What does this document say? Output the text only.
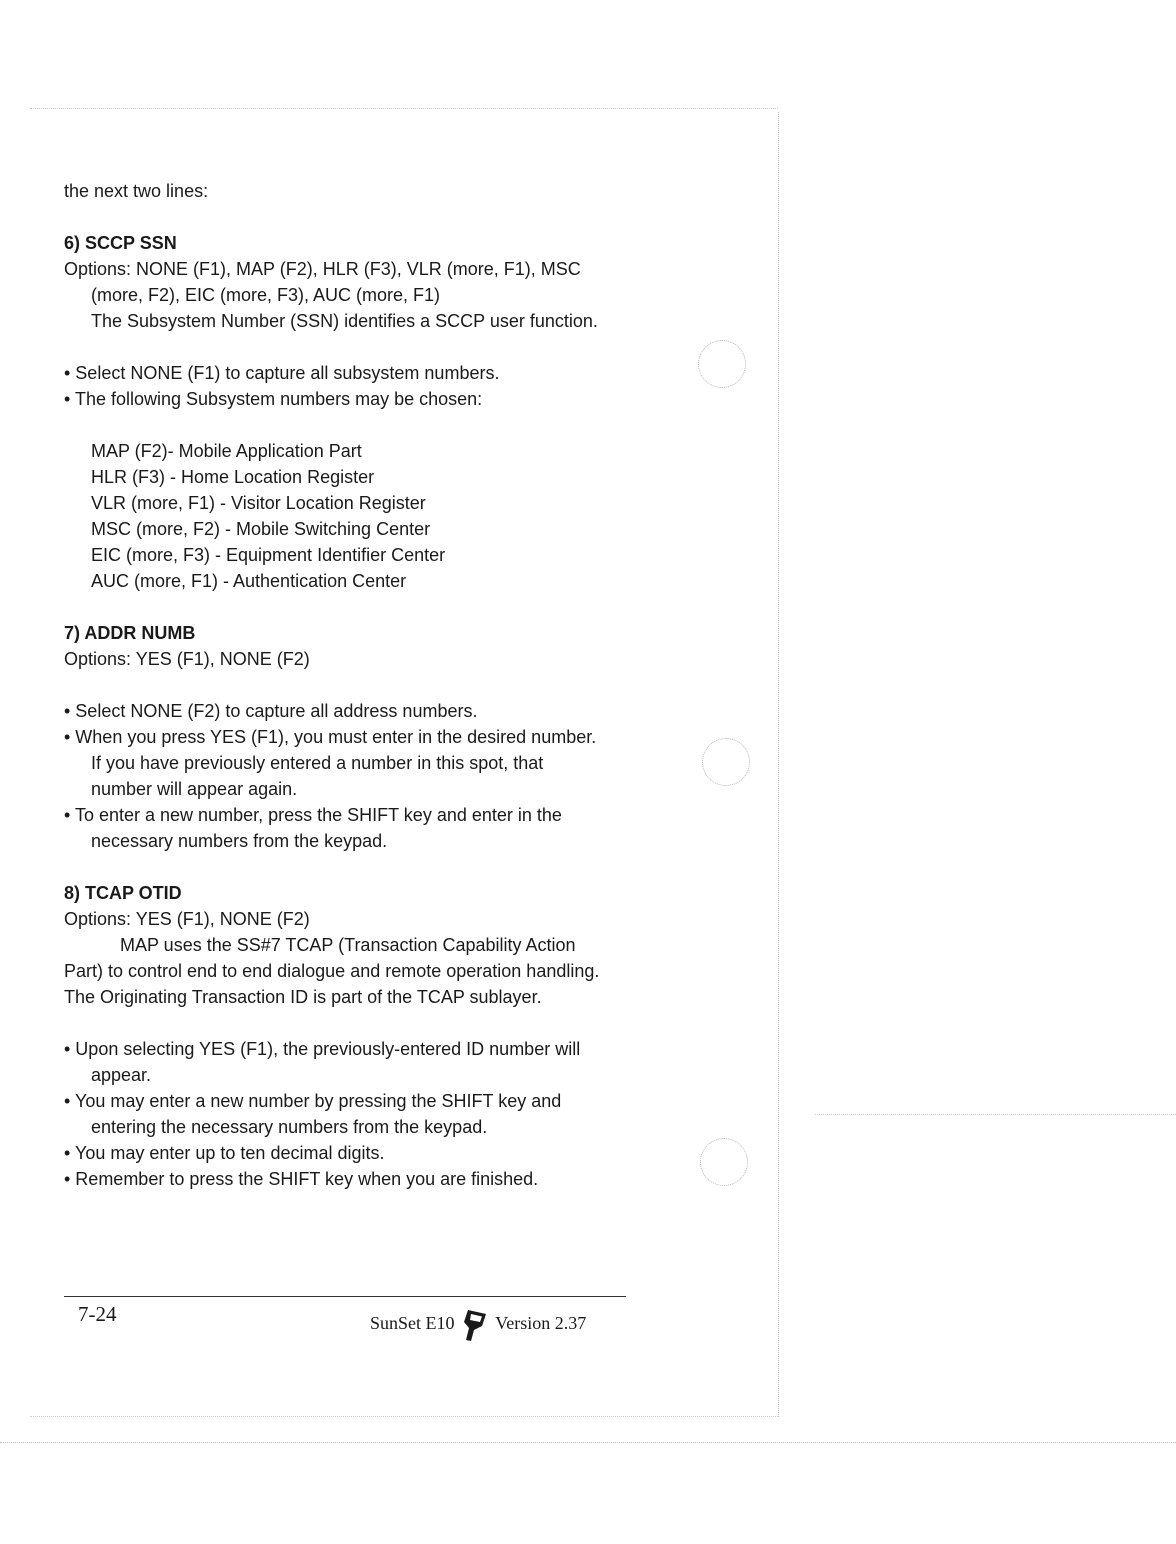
the next two lines:
6) SCCP SSN
Options: NONE (F1), MAP (F2), HLR (F3), VLR (more, F1), MSC
(more, F2), EIC (more, F3), AUC (more, F1)
The Subsystem Number (SSN) identifies a SCCP user function.
• Select NONE (F1) to capture all subsystem numbers.
• The following Subsystem numbers may be chosen:
MAP (F2)- Mobile Application Part
HLR (F3) - Home Location Register
VLR (more, F1) - Visitor Location Register
MSC (more, F2) - Mobile Switching Center
EIC (more, F3) - Equipment Identifier Center
AUC (more, F1) - Authentication Center
7) ADDR NUMB
Options: YES (F1), NONE (F2)
• Select NONE (F2) to capture all address numbers.
• When you press YES (F1), you must enter in the desired number.
If you have previously entered a number in this spot, that
number will appear again.
• To enter a new number, press the SHIFT key and enter in the
necessary numbers from the keypad.
8) TCAP OTID
Options: YES (F1), NONE (F2)
MAP uses the SS#7 TCAP (Transaction Capability Action
Part) to control end to end dialogue and remote operation handling.
The Originating Transaction ID is part of the TCAP sublayer.
• Upon selecting YES (F1), the previously-entered ID number will
appear.
• You may enter a new number by pressing the SHIFT key and
entering the necessary numbers from the keypad.
• You may enter up to ten decimal digits.
• Remember to press the SHIFT key when you are finished.
7-24	SunSet E10 Version 2.37
